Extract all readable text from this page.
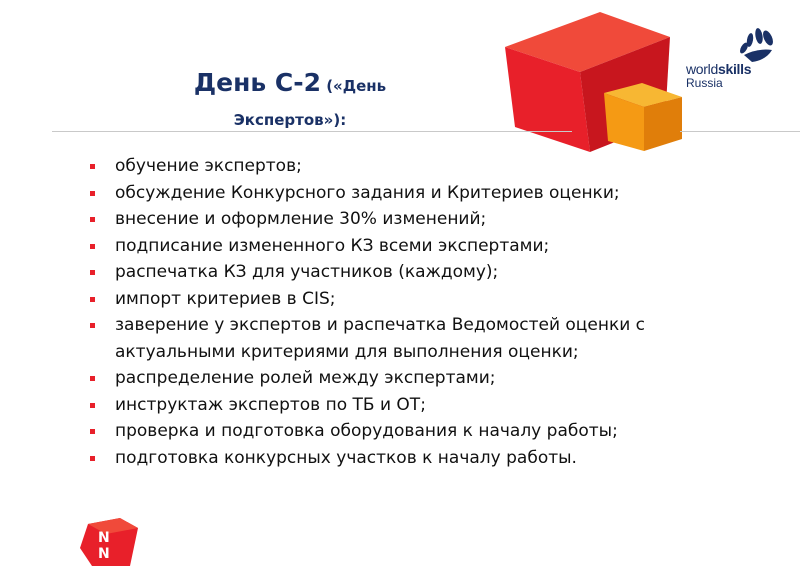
День С-2 («День Экспертов»):
worldskills
Russia
обучение экспертов;
обсуждение Конкурсного задания и Критериев оценки;
внесение и оформление 30% изменений;
подписание измененного КЗ всеми экспертами;
распечатка КЗ для участников (каждому);
импорт критериев в CIS;
заверение у экспертов и распечатка Ведомостей оценки с актуальными критериями для выполнения оценки;
распределение ролей между экспертами;
инструктаж экспертов по ТБ и ОТ;
проверка и подготовка оборудования к началу работы;
подготовка конкурсных участков к началу работы.
N
N
